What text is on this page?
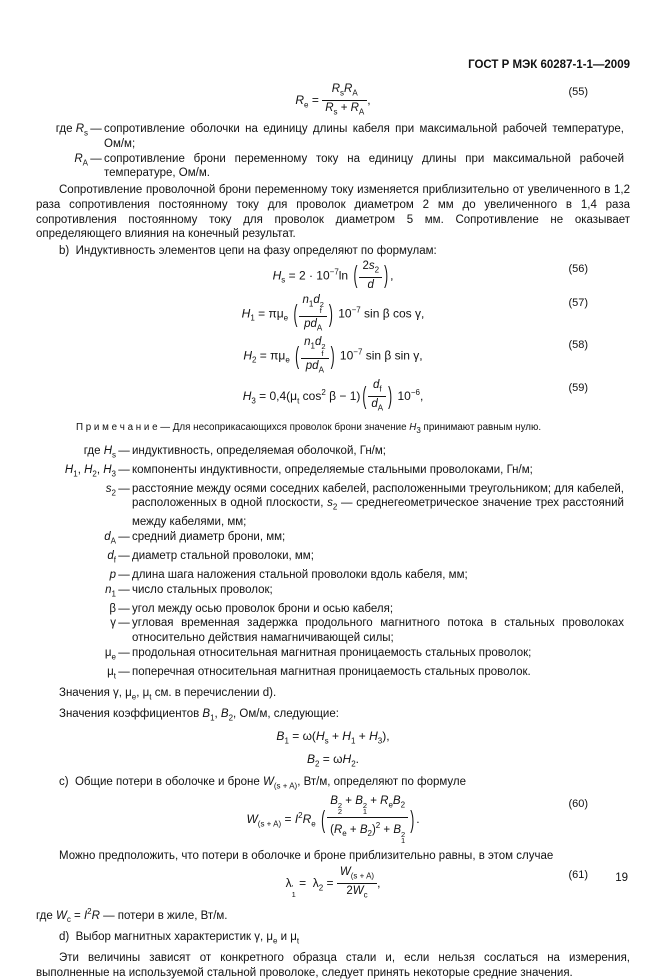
ГОСТ Р МЭК 60287-1-1—2009
$R_e = \frac{R_sR_A}{R_s + R_A}$ ,
(55)
где $R_s$ — сопротивление оболочки на единицу длины кабеля при максимальной рабочей температуре, Ом/м;
$R_A$ — сопротивление брони переменному току на единицу длины при максимальной рабочей температуре, Ом/м.

Сопротивление проволочной брони переменному току изменяется приблизительно от увеличенного в 1,2 раза сопротивления постоянному току для проволок диаметром 2 мм до увеличенного в 1,4 раза сопротивления постоянному току для проволок диаметром 5 мм. Сопротивление не оказывает определяющего влияния на конечный результат.

b)  Индуктивность элементов цепи на фазу определяют по формулам:
$H_s = 2 \cdot 10^{-7}\ln$ ( $\frac{2s_2}{d}$ ) ,	(56)
$H_1 = \pi\mu_e$ ( $n_1d$ 2
f
$pd_A$ ) $10^{-7}$ sin β cos γ,
(57)
$H_2 = \pi\mu_e$ ( $n_1d$ 2
f
$pd_A$ ) $10^{-7}$ sin β sin γ,
(58)
$H_3 = 0,4(\mu_t$ $\cos^2 \beta - 1$) ( $\frac{d_f}{d_A}$ ) $10^{-6}$,
(59)
П р и м е ч а н и е — Для несоприкасающихся проволок брони значение $H_3$ принимают равным нулю.
где $H_s$ — индуктивность, определяемая оболочкой, Гн/м;
$H_1$, $H_2$, $H_3$ — компоненты индуктивности, определяемые стальными проволоками, Гн/м;
$s_2$ — расстояние между осями соседних кабелей, расположенными треугольником; для кабелей, расположенных в одной плоскости, $s_2$ — среднегеометрическое значение трех расстояний между кабелями, мм;
$d_A$ — средний диаметр брони, мм;
$d_f$ — диаметр стальной проволоки, мм;
p — длина шага наложения стальной проволоки вдоль кабеля, мм;
$n_1$ — число стальных проволок;
β — угол между осью проволок брони и осью кабеля;
γ — угловая временная задержка продольного магнитного потока в стальных проволоках относительно действия намагничивающей силы;
$\mu_e$ — продольная относительная магнитная проницаемость стальных проволок;
$\mu_t$ — поперечная относительная магнитная проницаемость стальных проволок.

Значения γ, $\mu_e$, $\mu_t$ см. в перечислении d).

Значения коэффициентов $B_1$, $B_2$, Ом/м, следующие:

$B_1 = \omega(H_s + H_1 + H_3)$,
$B_2 = \omega H_2$.
c)  Общие потери в оболочке и броне $W_{(s + A)}$, Вт/м, определяют по формуле
$W_{(s + A)} = I^2R_e$ ( B 2
2
+ B 2
1
+ $R_eB_2$
$(R_e + B_2)^2 + B$ 2
1 ) .
(60)

Можно предположить, что потери в оболочке и броне приблизительно равны, в этом случае

λ ′
1
=  $\lambda_2 = \frac{W_{(s + A)}}{2W_c}$ ,
(61)

где $W_c = I^2R$ — потери в жиле, Вт/м.

d)  Выбор магнитных характеристик γ, $\mu_e$ и $\mu_t$

Эти величины зависят от конкретного образца стали и, если нельзя сослаться на измерения, выполненные на используемой стальной проволоке, следует принять некоторые средние значения.

19
